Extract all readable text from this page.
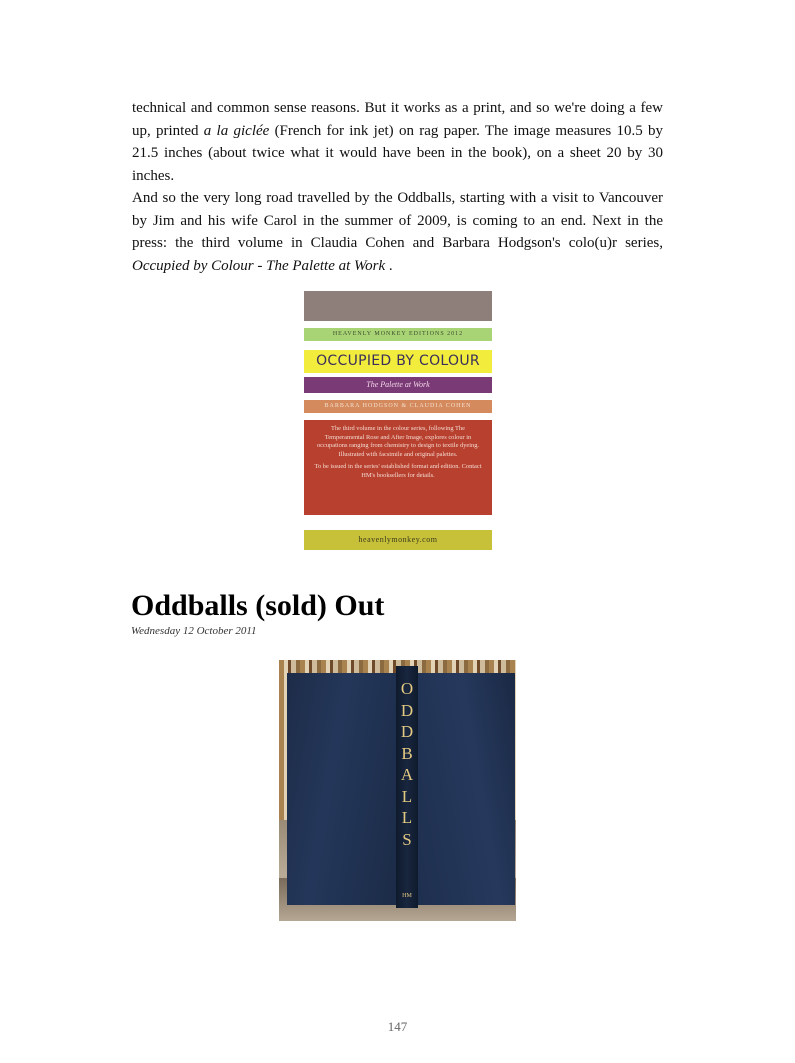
technical and common sense reasons. But it works as a print, and so we're doing a few up, printed a la giclée (French for ink jet) on rag paper. The image measures 10.5 by 21.5 inches (about twice what it would have been in the book), on a sheet 20 by 30 inches.

And so the very long road travelled by the Oddballs, starting with a visit to Vancouver by Jim and his wife Carol in the summer of 2009, is coming to an end. Next in the press: the third volume in Claudia Cohen and Barbara Hodgson's colo(u)r series, Occupied by Colour - The Palette at Work .

HEAVENLY MONKEY EDITIONS 2012
OCCUPIED BY COLOUR
The Palette at Work
BARBARA HODGSON & CLAUDIA COHEN

The third volume in the colour series, following The Temperamental Rose and After Image, explores colour in occupations ranging from chemistry to design to textile dyeing. Illustrated with facsimile and original palettes.

To be issued in the series' established format and edition. Contact HM's booksellers for details.

heavenlymonkey.com
Oddballs (sold) Out

Wednesday 12 October 2011

O
D
D
B
A
L
L
S
HM

147
